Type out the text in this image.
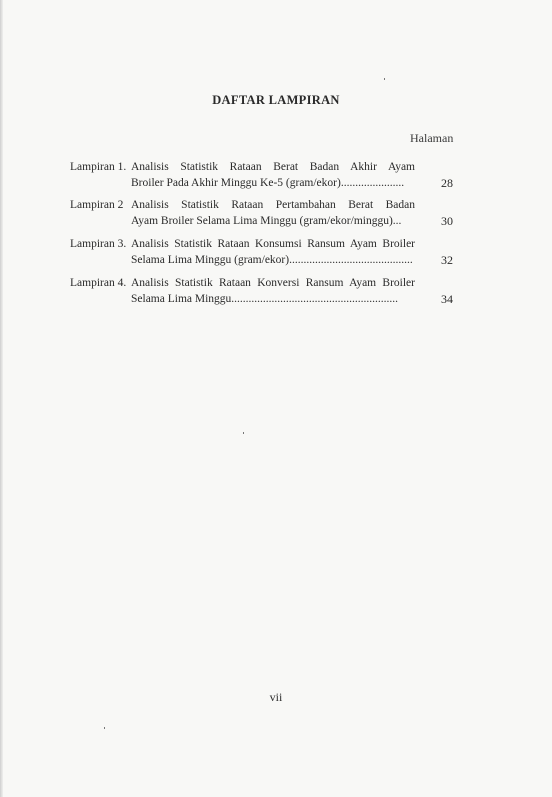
DAFTAR LAMPIRAN
Halaman
Lampiran 1. Analisis Statistik Rataan Berat Badan Akhir Ayam
Broiler Pada Akhir Minggu Ke-5 (gram/ekor)......................	28
Lampiran 2 Analisis Statistik Rataan Pertambahan Berat Badan
Ayam Broiler Selama Lima Minggu (gram/ekor/minggu)...	30
Lampiran 3. Analisis Statistik Rataan Konsumsi Ransum Ayam Broiler
Selama Lima Minggu (gram/ekor)........................................... 32
Lampiran 4. Analisis Statistik Rataan Konversi Ransum Ayam Broiler
Selama Lima Minggu..........................................................	34
vii
